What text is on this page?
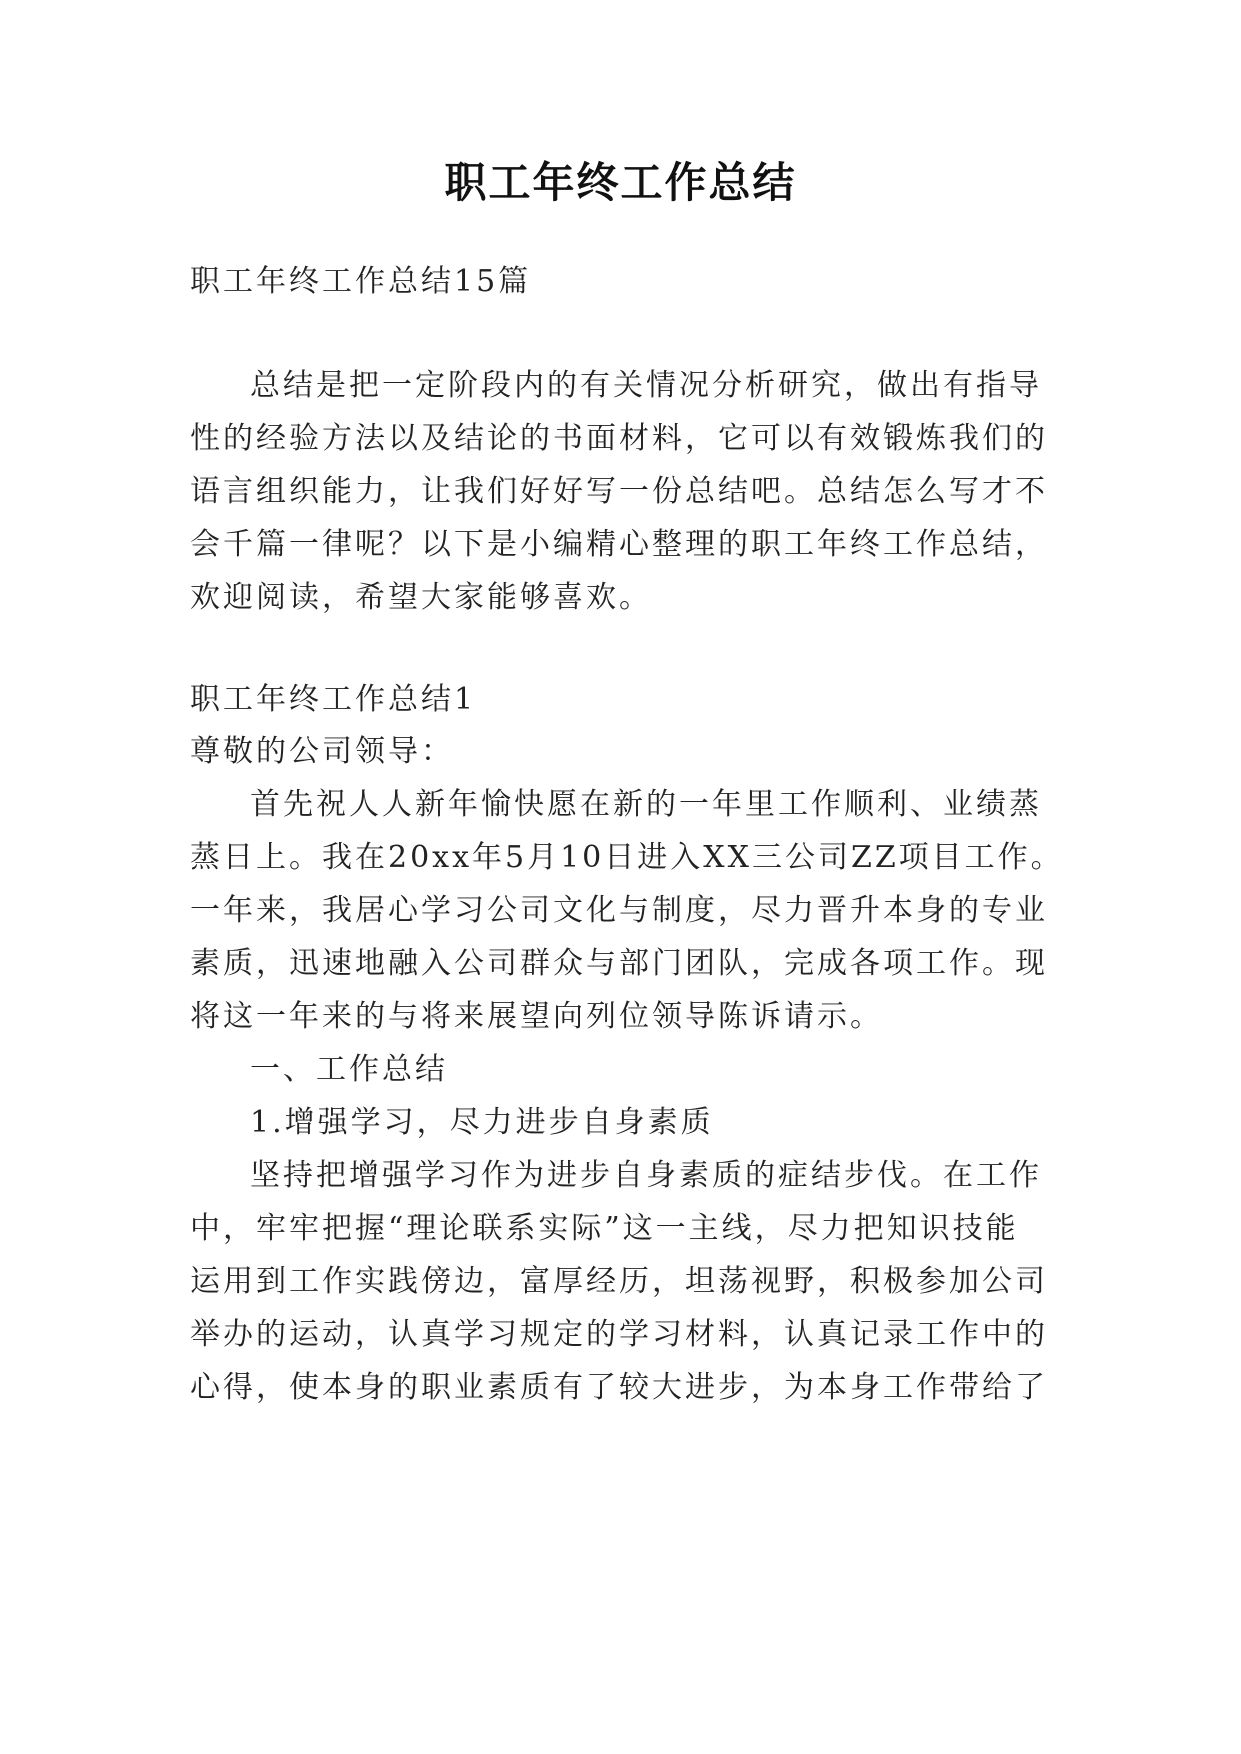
职工年终工作总结
职工年终工作总结15篇
总结是把一定阶段内的有关情况分析研究，做出有指导
性的经验方法以及结论的书面材料，它可以有效锻炼我们的
语言组织能力，让我们好好写一份总结吧。总结怎么写才不
会千篇一律呢？以下是小编精心整理的职工年终工作总结，
欢迎阅读，希望大家能够喜欢。
职工年终工作总结1
尊敬的公司领导：
首先祝人人新年愉快愿在新的一年里工作顺利、业绩蒸
蒸日上。我在20xx年5月10日进入XX三公司ZZ项目工作。
一年来，我居心学习公司文化与制度，尽力晋升本身的专业
素质，迅速地融入公司群众与部门团队，完成各项工作。现
将这一年来的与将来展望向列位领导陈诉请示。
一、工作总结
1.增强学习，尽力进步自身素质
坚持把增强学习作为进步自身素质的症结步伐。在工作
中，牢牢把握“理论联系实际”这一主线，尽力把知识技能
运用到工作实践傍边，富厚经历，坦荡视野，积极参加公司
举办的运动，认真学习规定的学习材料，认真记录工作中的
心得，使本身的职业素质有了较大进步，为本身工作带给了
